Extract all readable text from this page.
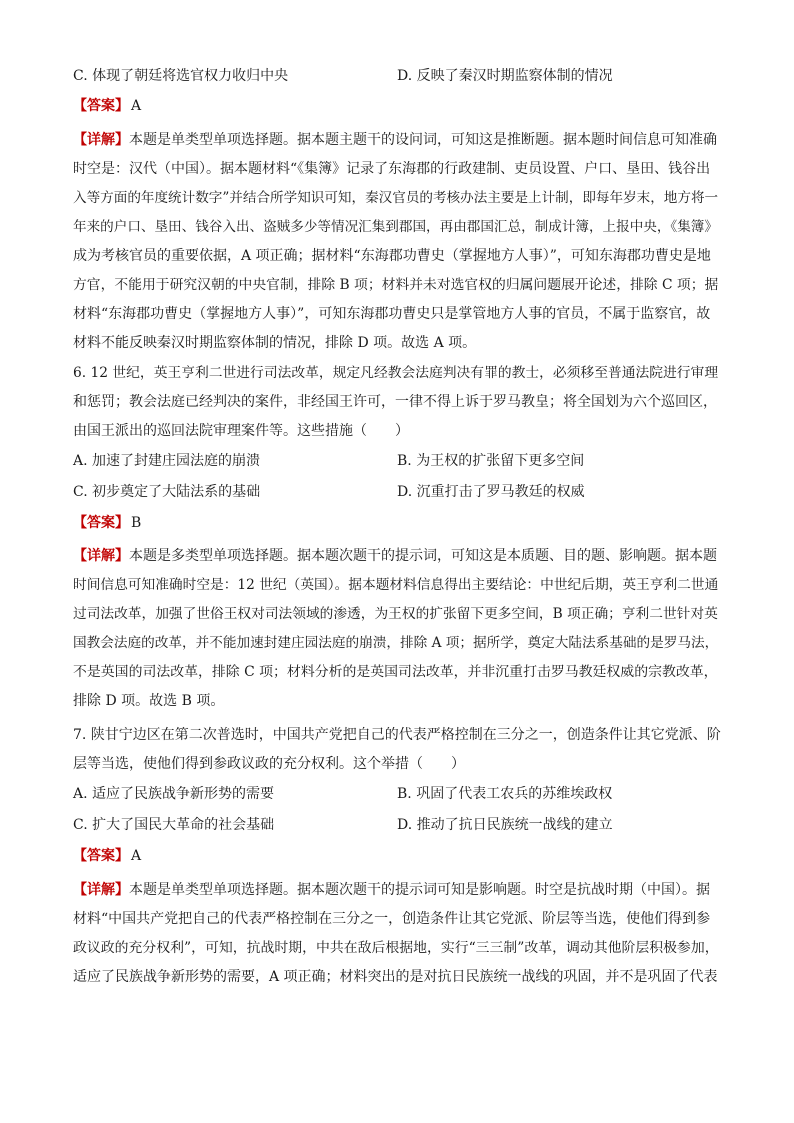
C. 体现了朝廷将选官权力收归中央	D. 反映了秦汉时期监察体制的情况
【答案】 A
【详解】本题是单类型单项选择题。据本题主题干的设问词，可知这是推断题。据本题时间信息可知准确
时空是：汉代（中国）。据本题材料“《集簿》记录了东海郡的行政建制、吏员设置、户口、垦田、钱谷出
入等方面的年度统计数字”并结合所学知识可知，秦汉官员的考核办法主要是上计制，即每年岁末，地方将一
年来的户口、垦田、钱谷入出、盗贼多少等情况汇集到郡国，再由郡国汇总，制成计簿，上报中央，《集簿》
成为考核官员的重要依据，A 项正确；据材料“东海郡功曹史（掌握地方人事）”，可知东海郡功曹史是地
方官，不能用于研究汉朝的中央官制，排除 B 项；材料并未对选官权的归属问题展开论述，排除 C 项；据
材料“东海郡功曹史（掌握地方人事）”，可知东海郡功曹史只是掌管地方人事的官员，不属于监察官，故
材料不能反映秦汉时期监察体制的情况，排除 D 项。故选 A 项。
6. 12 世纪，英王亨利二世进行司法改革，规定凡经教会法庭判决有罪的教士，必须移至普通法院进行审理
和惩罚；教会法庭已经判决的案件，非经国王许可，一律不得上诉于罗马教皇；将全国划为六个巡回区，
由国王派出的巡回法院审理案件等。这些措施（　　）
A. 加速了封建庄园法庭的崩溃	B. 为王权的扩张留下更多空间
C. 初步奠定了大陆法系的基础	D. 沉重打击了罗马教廷的权威
【答案】 B
【详解】本题是多类型单项选择题。据本题次题干的提示词，可知这是本质题、目的题、影响题。据本题
时间信息可知准确时空是：12 世纪（英国）。据本题材料信息得出主要结论：中世纪后期，英王亨利二世通
过司法改革，加强了世俗王权对司法领域的渗透，为王权的扩张留下更多空间，B 项正确；亨利二世针对英
国教会法庭的改革，并不能加速封建庄园法庭的崩溃，排除 A 项；据所学，奠定大陆法系基础的是罗马法，
不是英国的司法改革，排除 C 项；材料分析的是英国司法改革，并非沉重打击罗马教廷权威的宗教改革，
排除 D 项。故选 B 项。
7. 陕甘宁边区在第二次普选时，中国共产党把自己的代表严格控制在三分之一，创造条件让其它党派、阶
层等当选，使他们得到参政议政的充分权利。这个举措（　　）
A. 适应了民族战争新形势的需要	B. 巩固了代表工农兵的苏维埃政权
C. 扩大了国民大革命的社会基础	D. 推动了抗日民族统一战线的建立
【答案】 A
【详解】本题是单类型单项选择题。据本题次题干的提示词可知是影响题。时空是抗战时期（中国）。据
材料“中国共产党把自己的代表严格控制在三分之一，创造条件让其它党派、阶层等当选，使他们得到参
政议政的充分权利”，可知，抗战时期，中共在敌后根据地，实行“三三制”改革，调动其他阶层积极参加，
适应了民族战争新形势的需要，A 项正确；材料突出的是对抗日民族统一战线的巩固，并不是巩固了代表
